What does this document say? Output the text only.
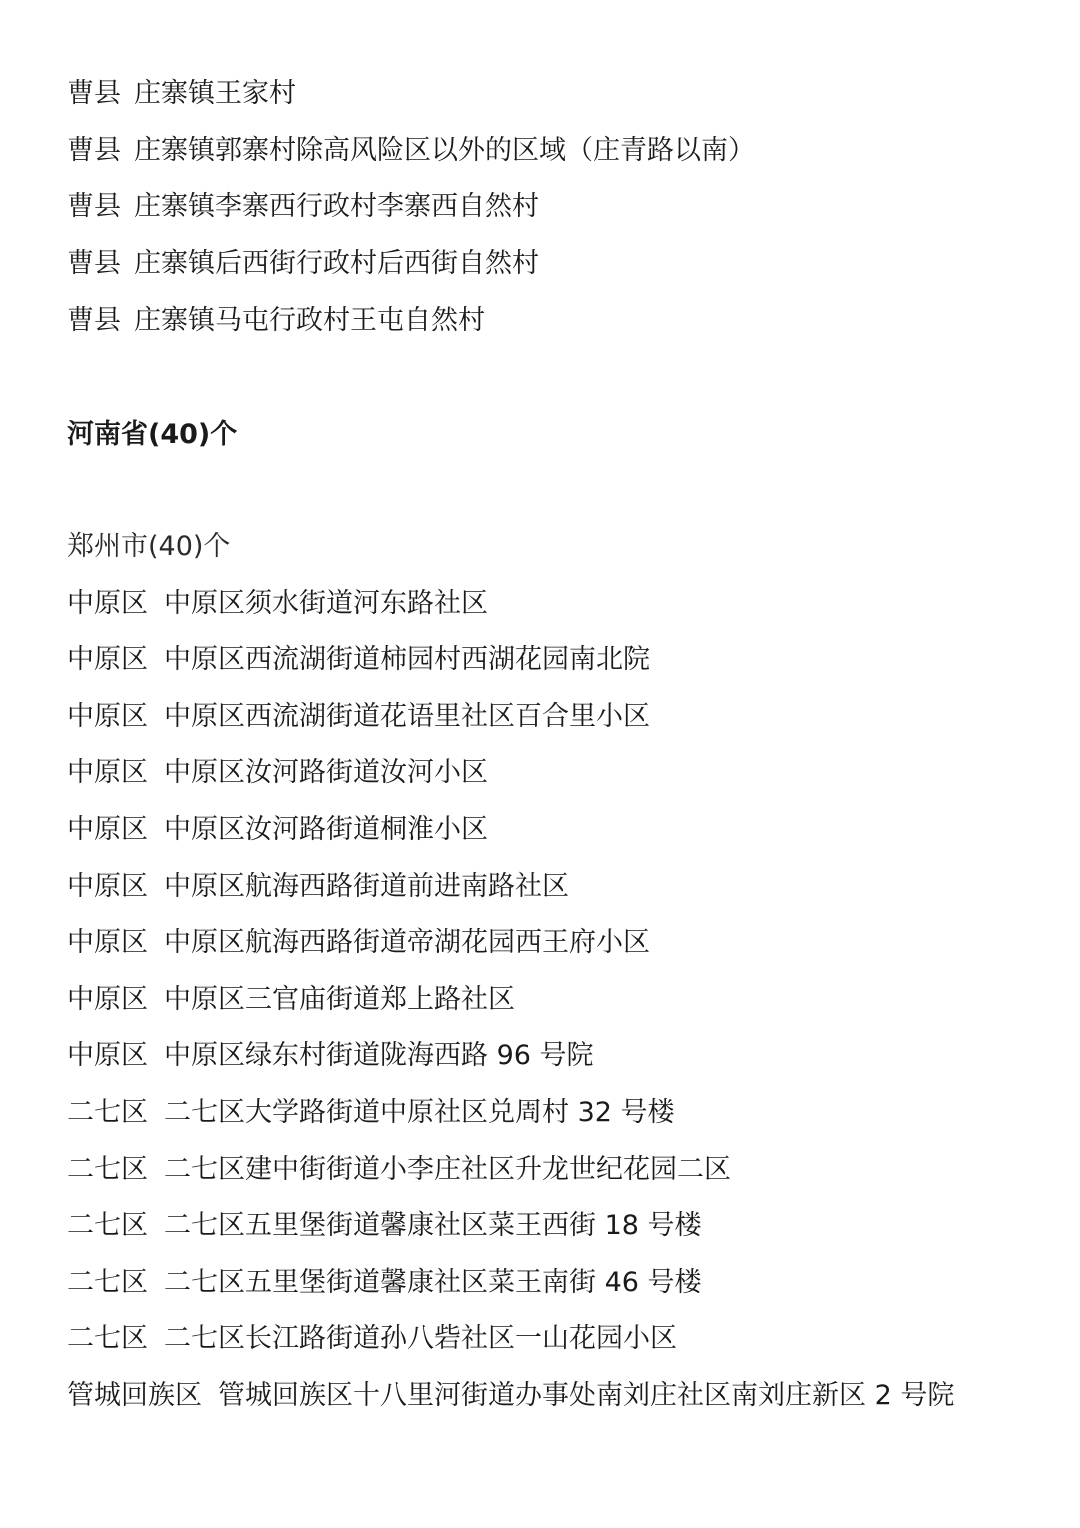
曹县 庄寨镇王家村
曹县 庄寨镇郭寨村除高风险区以外的区域（庄青路以南）
曹县 庄寨镇李寨西行政村李寨西自然村
曹县 庄寨镇后西街行政村后西街自然村
曹县 庄寨镇马屯行政村王屯自然村
河南省(40)个
郑州市(40)个
中原区 中原区须水街道河东路社区
中原区 中原区西流湖街道柿园村西湖花园南北院
中原区 中原区西流湖街道花语里社区百合里小区
中原区 中原区汝河路街道汝河小区
中原区 中原区汝河路街道桐淮小区
中原区 中原区航海西路街道前进南路社区
中原区 中原区航海西路街道帝湖花园西王府小区
中原区 中原区三官庙街道郑上路社区
中原区 中原区绿东村街道陇海西路 96 号院
二七区 二七区大学路街道中原社区兑周村 32 号楼
二七区 二七区建中街街道小李庄社区升龙世纪花园二区
二七区 二七区五里堡街道馨康社区菜王西街 18 号楼
二七区 二七区五里堡街道馨康社区菜王南街 46 号楼
二七区 二七区长江路街道孙八砦社区一山花园小区
管城回族区 管城回族区十八里河街道办事处南刘庄社区南刘庄新区 2 号院
